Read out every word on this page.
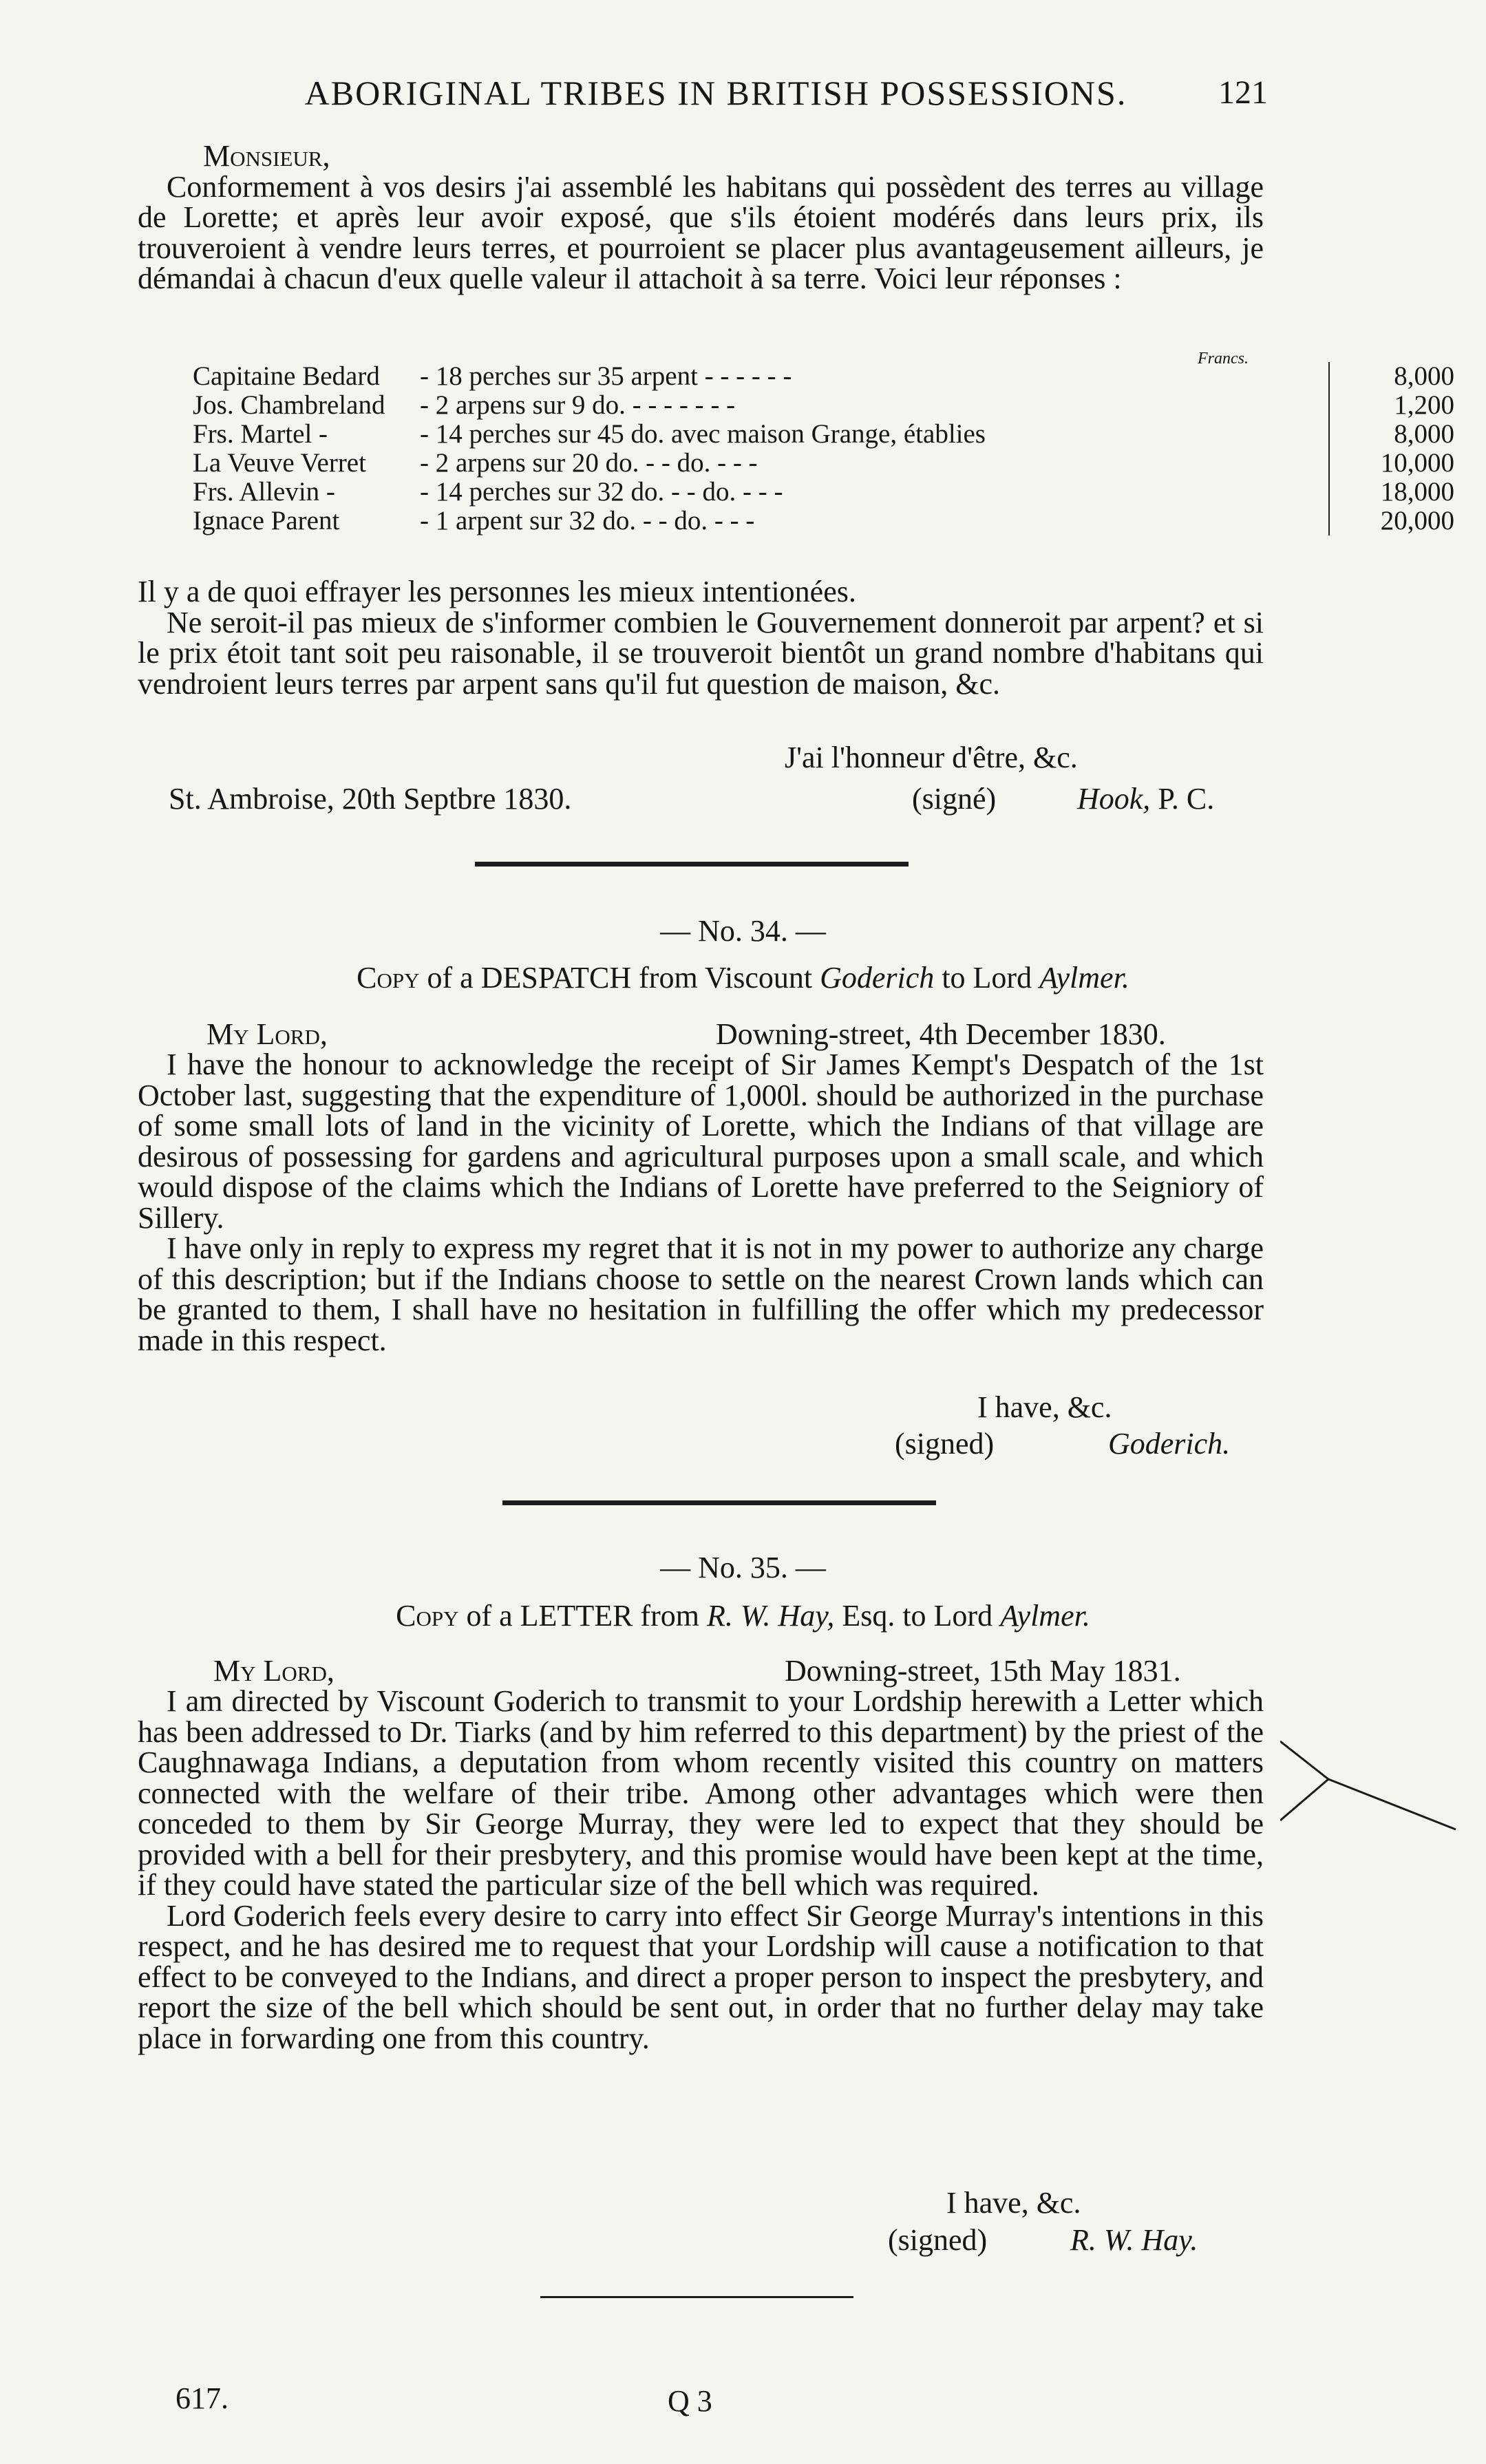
ABORIGINAL TRIBES IN BRITISH POSSESSIONS.	121

Monsieur,

Conformement à vos desirs j'ai assemblé les habitans qui possèdent des terres au village de Lorette; et après leur avoir exposé, que s'ils étoient modérés dans leurs prix, ils trouveroient à vendre leurs terres, et pourroient se placer plus avantageusement ailleurs, je démandai à chacun d'eux quelle valeur il attachoit à sa terre. Voici leur réponses :

Francs.
Capitaine Bedard	- 18 perches sur 35 arpent - - - - - -	8,000
Jos. Chambreland	- 2 arpens sur 9 do. - - - - - - -	1,200
Frs. Martel -	- 14 perches sur 45 do. avec maison Grange, établies	8,000
La Veuve Verret	- 2 arpens sur 20 do. - - do. - - -	10,000
Frs. Allevin -	- 14 perches sur 32 do. - - do. - - -	18,000
Ignace Parent	- 1 arpent sur 32 do. - - do. - - -	20,000

Il y a de quoi effrayer les personnes les mieux intentionées.

Ne seroit-il pas mieux de s'informer combien le Gouvernement donneroit par arpent? et si le prix étoit tant soit peu raisonable, il se trouveroit bientôt un grand nombre d'habitans qui vendroient leurs terres par arpent sans qu'il fut question de maison, &c.

J'ai l'honneur d'être, &c.
St. Ambroise, 20th Septbre 1830.	(signé)	Hook, P. C.
— No. 34. —
Copy of a DESPATCH from Viscount Goderich to Lord Aylmer.
My Lord,	Downing-street, 4th December 1830.

I have the honour to acknowledge the receipt of Sir James Kempt's Despatch of the 1st October last, suggesting that the expenditure of 1,000l. should be authorized in the purchase of some small lots of land in the vicinity of Lorette, which the Indians of that village are desirous of possessing for gardens and agricultural purposes upon a small scale, and which would dispose of the claims which the Indians of Lorette have preferred to the Seigniory of Sillery.

I have only in reply to express my regret that it is not in my power to authorize any charge of this description; but if the Indians choose to settle on the nearest Crown lands which can be granted to them, I shall have no hesitation in fulfilling the offer which my predecessor made in this respect.

I have, &c.
(signed)	Goderich.
— No. 35. —
Copy of a LETTER from R. W. Hay, Esq. to Lord Aylmer.
My Lord,	Downing-street, 15th May 1831.

I am directed by Viscount Goderich to transmit to your Lordship herewith a Letter which has been addressed to Dr. Tiarks (and by him referred to this department) by the priest of the Caughnawaga Indians, a deputation from whom recently visited this country on matters connected with the welfare of their tribe. Among other advantages which were then conceded to them by Sir George Murray, they were led to expect that they should be provided with a bell for their presbytery, and this promise would have been kept at the time, if they could have stated the particular size of the bell which was required.

Lord Goderich feels every desire to carry into effect Sir George Murray's intentions in this respect, and he has desired me to request that your Lordship will cause a notification to that effect to be conveyed to the Indians, and direct a proper person to inspect the presbytery, and report the size of the bell which should be sent out, in order that no further delay may take place in forwarding one from this country.

I have, &c.
(signed)	R. W. Hay.
617.	Q 3
